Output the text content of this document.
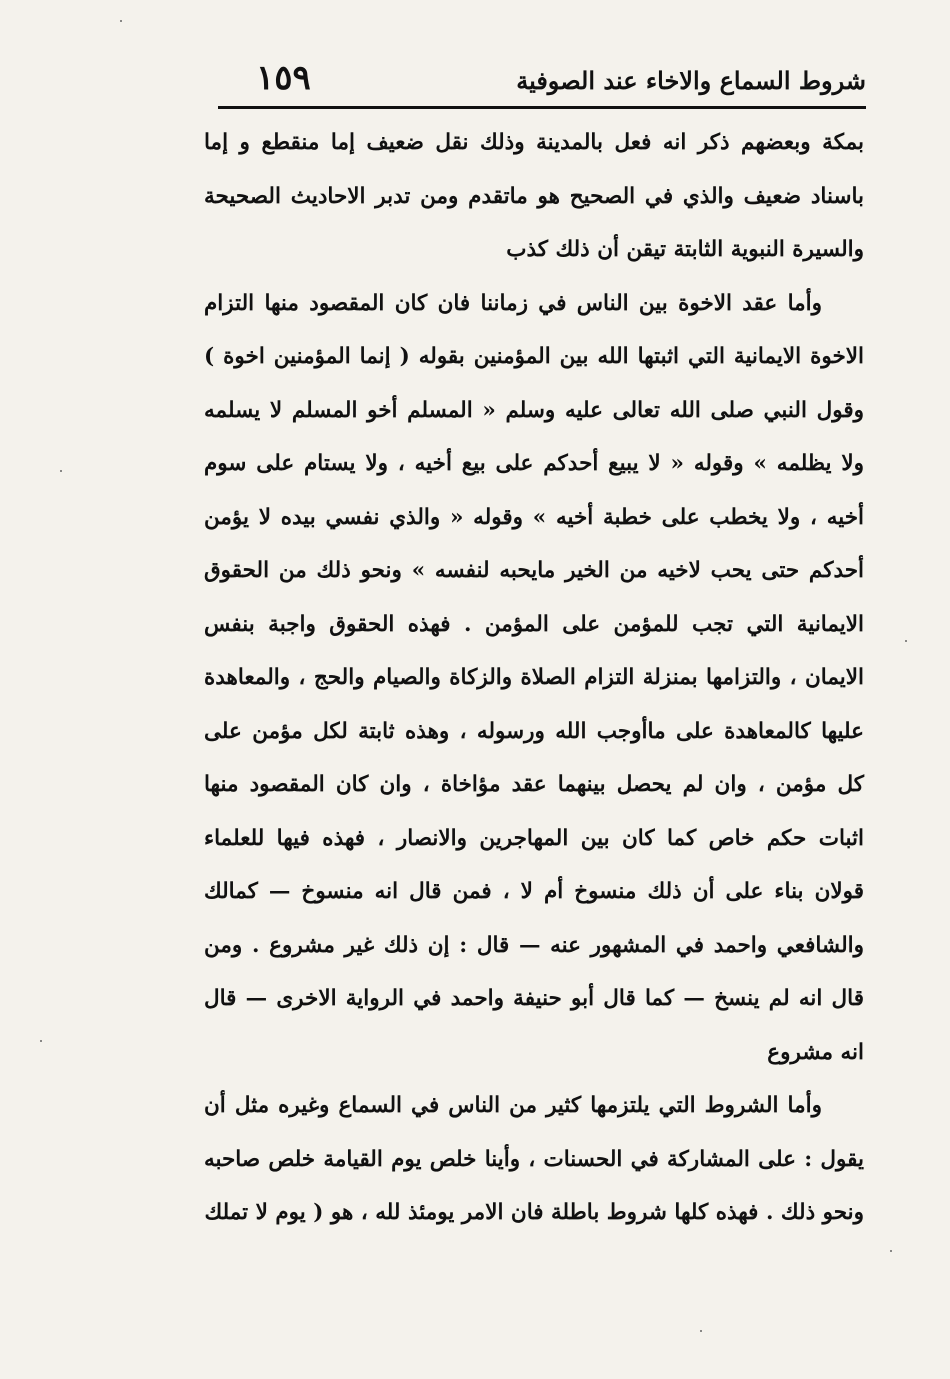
شروط السماع والاخاء عند الصوفية
١٥٩

بمكة وبعضهم ذكر انه فعل بالمدينة وذلك نقل ضعيف إما منقطع و إما باسناد ضعيف والذي في الصحيح هو ماتقدم ومن تدبر الاحاديث الصحيحة والسيرة النبوية الثابتة تيقن أن ذلك كذب

وأما عقد الاخوة بين الناس في زماننا فان كان المقصود منها التزام الاخوة الايمانية التي اثبتها الله بين المؤمنين بقوله ( إنما المؤمنين اخوة ) وقول النبي صلى الله تعالى عليه وسلم « المسلم أخو المسلم لا يسلمه ولا يظلمه » وقوله « لا يبيع أحدكم على بيع أخيه ، ولا يستام على سوم أخيه ، ولا يخطب على خطبة أخيه » وقوله « والذي نفسي بيده لا يؤمن أحدكم حتى يحب لاخيه من الخير مايحبه لنفسه » ونحو ذلك من الحقوق الايمانية التي تجب للمؤمن على المؤمن . فهذه الحقوق واجبة بنفس الايمان ، والتزامها بمنزلة التزام الصلاة والزكاة والصيام والحج ، والمعاهدة عليها كالمعاهدة على ماأوجب الله ورسوله ، وهذه ثابتة لكل مؤمن على كل مؤمن ، وان لم يحصل بينهما عقد مؤاخاة ، وان كان المقصود منها اثبات حكم خاص كما كان بين المهاجرين والانصار ، فهذه فيها للعلماء قولان بناء على أن ذلك منسوخ أم لا ، فمن قال انه منسوخ — كمالك والشافعي واحمد في المشهور عنه — قال : إن ذلك غير مشروع . ومن قال انه لم ينسخ — كما قال أبو حنيفة واحمد في الرواية الاخرى — قال انه مشروع

وأما الشروط التي يلتزمها كثير من الناس في السماع وغيره مثل أن يقول : على المشاركة في الحسنات ، وأينا خلص يوم القيامة خلص صاحبه ونحو ذلك . فهذه كلها شروط باطلة فان الامر يومئذ لله ، هو ( يوم لا تملك
